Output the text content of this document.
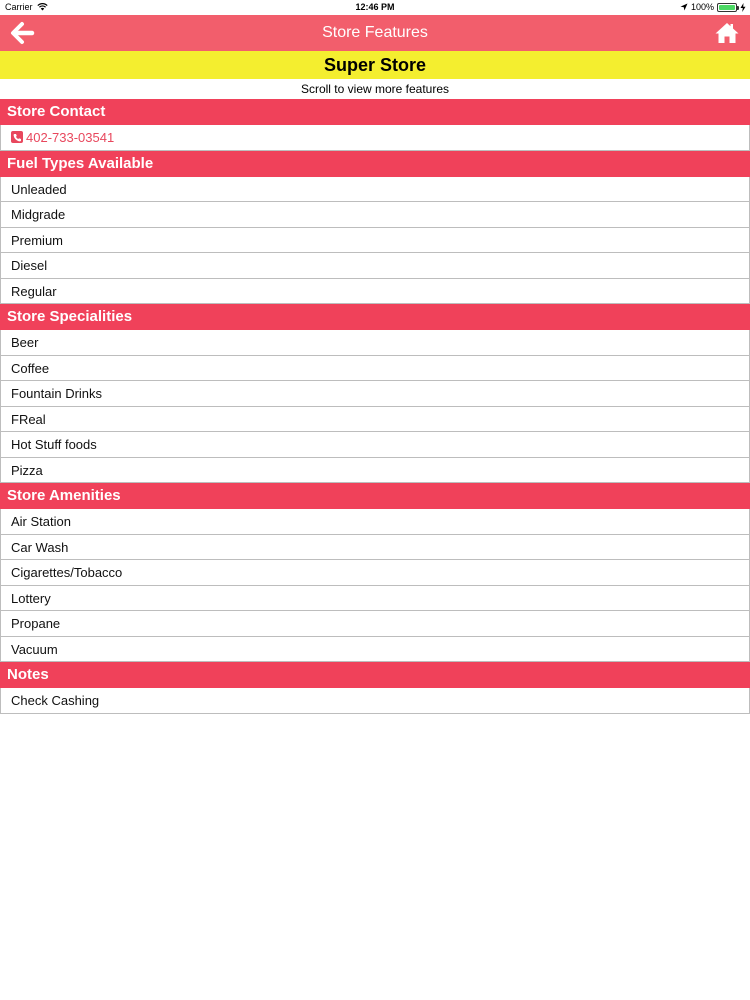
Carrier	12:46 PM	100%
Store Features
Super Store
Scroll to view more features
Store Contact
402-733-03541
Fuel Types Available
Unleaded
Midgrade
Premium
Diesel
Regular
Store Specialities
Beer
Coffee
Fountain Drinks
FReal
Hot Stuff foods
Pizza
Store Amenities
Air Station
Car Wash
Cigarettes/Tobacco
Lottery
Propane
Vacuum
Notes
Check Cashing
